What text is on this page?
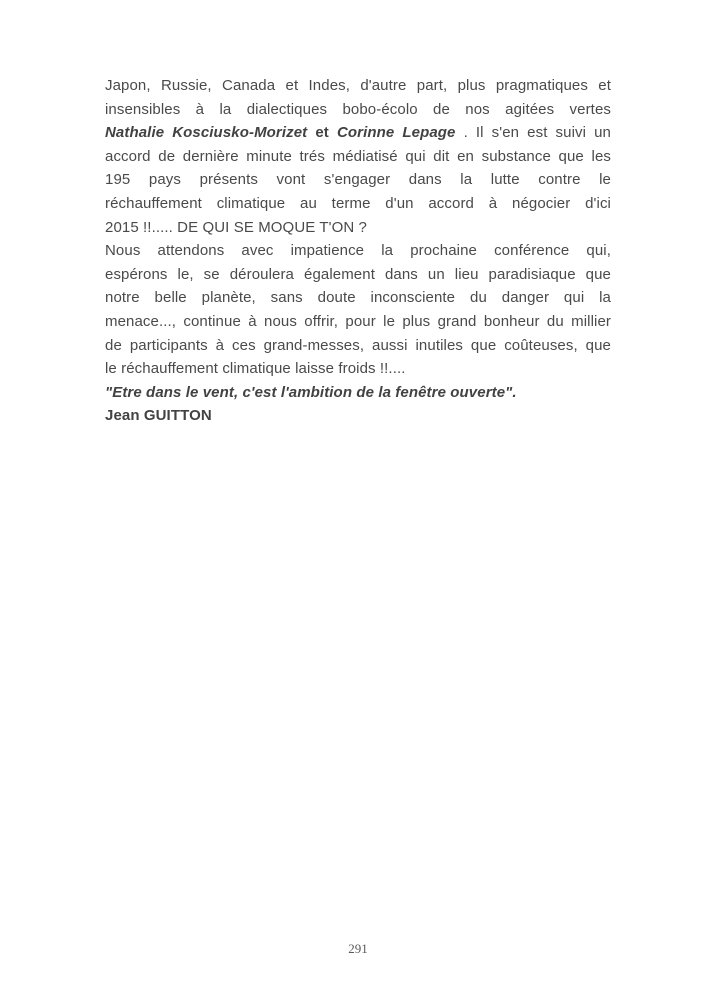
Japon, Russie, Canada et Indes, d'autre part, plus pragmatiques et
insensibles à la dialectiques bobo-écolo de nos agitées vertes
Nathalie Kosciusko-Morizet et Corinne Lepage . Il s'en est suivi un
accord de dernière minute trés médiatisé qui dit en substance que les
195 pays présents vont s'engager dans la lutte contre le
réchauffement climatique au terme d'un accord à négocier d'ici
2015 !!..... DE QUI SE MOQUE T'ON ?
Nous attendons avec impatience la prochaine conférence qui,
espérons le, se déroulera également dans un lieu paradisiaque que
notre belle planète, sans doute inconsciente du danger qui la
menace..., continue à nous offrir, pour le plus grand bonheur du millier
de participants à ces grand-messes, aussi inutiles que coûteuses, que
le réchauffement climatique laisse froids !!....
"Etre dans le vent, c'est l'ambition de la fenêtre ouverte".
Jean GUITTON
291
